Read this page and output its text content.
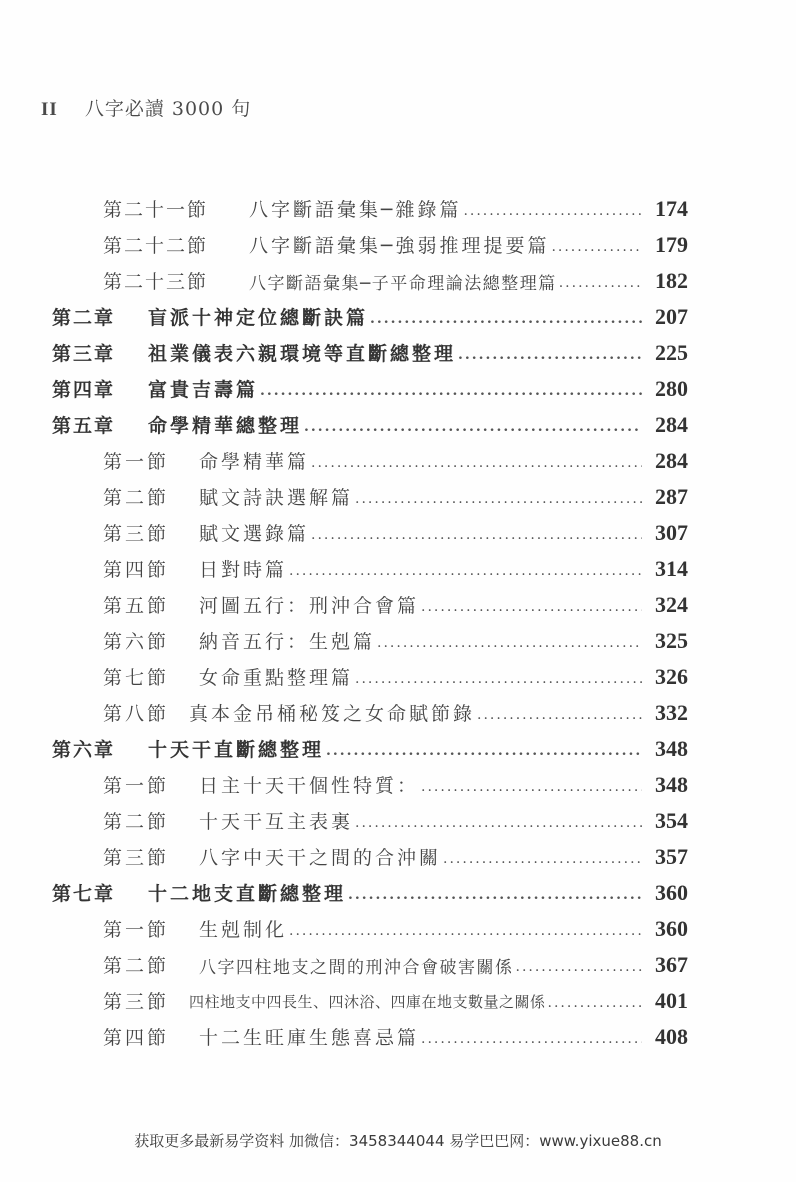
II 八字必讀 3000 句
第二十一節	八字斷語彙集─雜錄篇 .....	174
第二十二節	八字斷語彙集─強弱推理提要篇 .....	179
第二十三節	八字斷語彙集─子平命理論法總整理篇 .....	182
第二章	盲派十神定位總斷訣篇 .....	207
第三章	祖業儀表六親環境等直斷總整理 .....	225
第四章	富貴吉壽篇 .....	280
第五章	命學精華總整理 .....	284
第一節	命學精華篇 .....	284
第二節	賦文詩訣選解篇 .....	287
第三節	賦文選錄篇 .....	307
第四節	日對時篇 .....	314
第五節	河圖五行：刑沖合會篇 .....	324
第六節	納音五行：生剋篇 .....	325
第七節	女命重點整理篇 .....	326
第八節	真本金吊桶秘笈之女命賦節錄 .....	332
第六章	十天干直斷總整理 .....	348
第一節	日主十天干個性特質： .....	348
第二節	十天干互主表裏 .....	354
第三節	八字中天干之間的合沖關 .....	357
第七章	十二地支直斷總整理 .....	360
第一節	生剋制化 .....	360
第二節	八字四柱地支之間的刑沖合會破害關係 .....	367
第三節	四柱地支中四長生、四沐浴、四庫在地支數量之關係 .....	401
第四節	十二生旺庫生態喜忌篇 .....	408
获取更多最新易学资料 加微信：3458344044 易学巴巴网：www.yixue88.cn
